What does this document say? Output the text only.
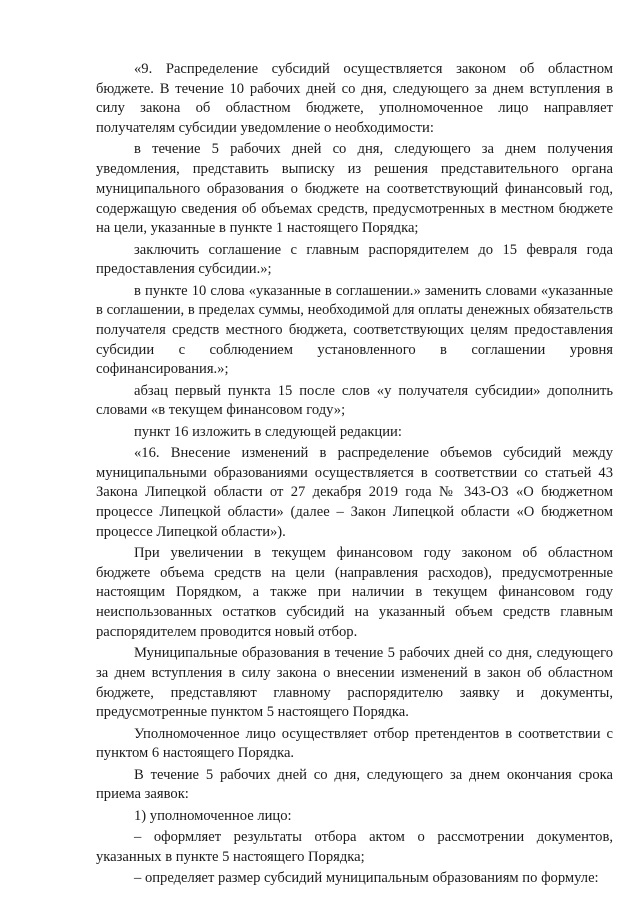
«9. Распределение субсидий осуществляется законом об областном бюджете. В течение 10 рабочих дней со дня, следующего за днем вступления в силу закона об областном бюджете, уполномоченное лицо направляет получателям субсидии уведомление о необходимости:

в течение 5 рабочих дней со дня, следующего за днем получения уведомления, представить выписку из решения представительного органа муниципального образования о бюджете на соответствующий финансовый год, содержащую сведения об объемах средств, предусмотренных в местном бюджете на цели, указанные в пункте 1 настоящего Порядка;

заключить соглашение с главным распорядителем до 15 февраля года предоставления субсидии.»;

в пункте 10 слова «указанные в соглашении.» заменить словами «указанные в соглашении, в пределах суммы, необходимой для оплаты денежных обязательств получателя средств местного бюджета, соответствующих целям предоставления субсидии с соблюдением установленного в соглашении уровня софинансирования.»;

абзац первый пункта 15 после слов «у получателя субсидии» дополнить словами «в текущем финансовом году»;

пункт 16 изложить в следующей редакции:

«16. Внесение изменений в распределение объемов субсидий между муниципальными образованиями осуществляется в соответствии со статьей 43 Закона Липецкой области от 27 декабря 2019 года № 343-ОЗ «О бюджетном процессе Липецкой области» (далее – Закон Липецкой области «О бюджетном процессе Липецкой области»).

При увеличении в текущем финансовом году законом об областном бюджете объема средств на цели (направления расходов), предусмотренные настоящим Порядком, а также при наличии в текущем финансовом году неиспользованных остатков субсидий на указанный объем средств главным распорядителем проводится новый отбор.

Муниципальные образования в течение 5 рабочих дней со дня, следующего за днем вступления в силу закона о внесении изменений в закон об областном бюджете, представляют главному распорядителю заявку и документы, предусмотренные пунктом 5 настоящего Порядка.

Уполномоченное лицо осуществляет отбор претендентов в соответствии с пунктом 6 настоящего Порядка.

В течение 5 рабочих дней со дня, следующего за днем окончания срока приема заявок:

1) уполномоченное лицо:

– оформляет результаты отбора актом о рассмотрении документов, указанных в пункте 5 настоящего Порядка;

– определяет размер субсидий муниципальным образованиям по формуле:
